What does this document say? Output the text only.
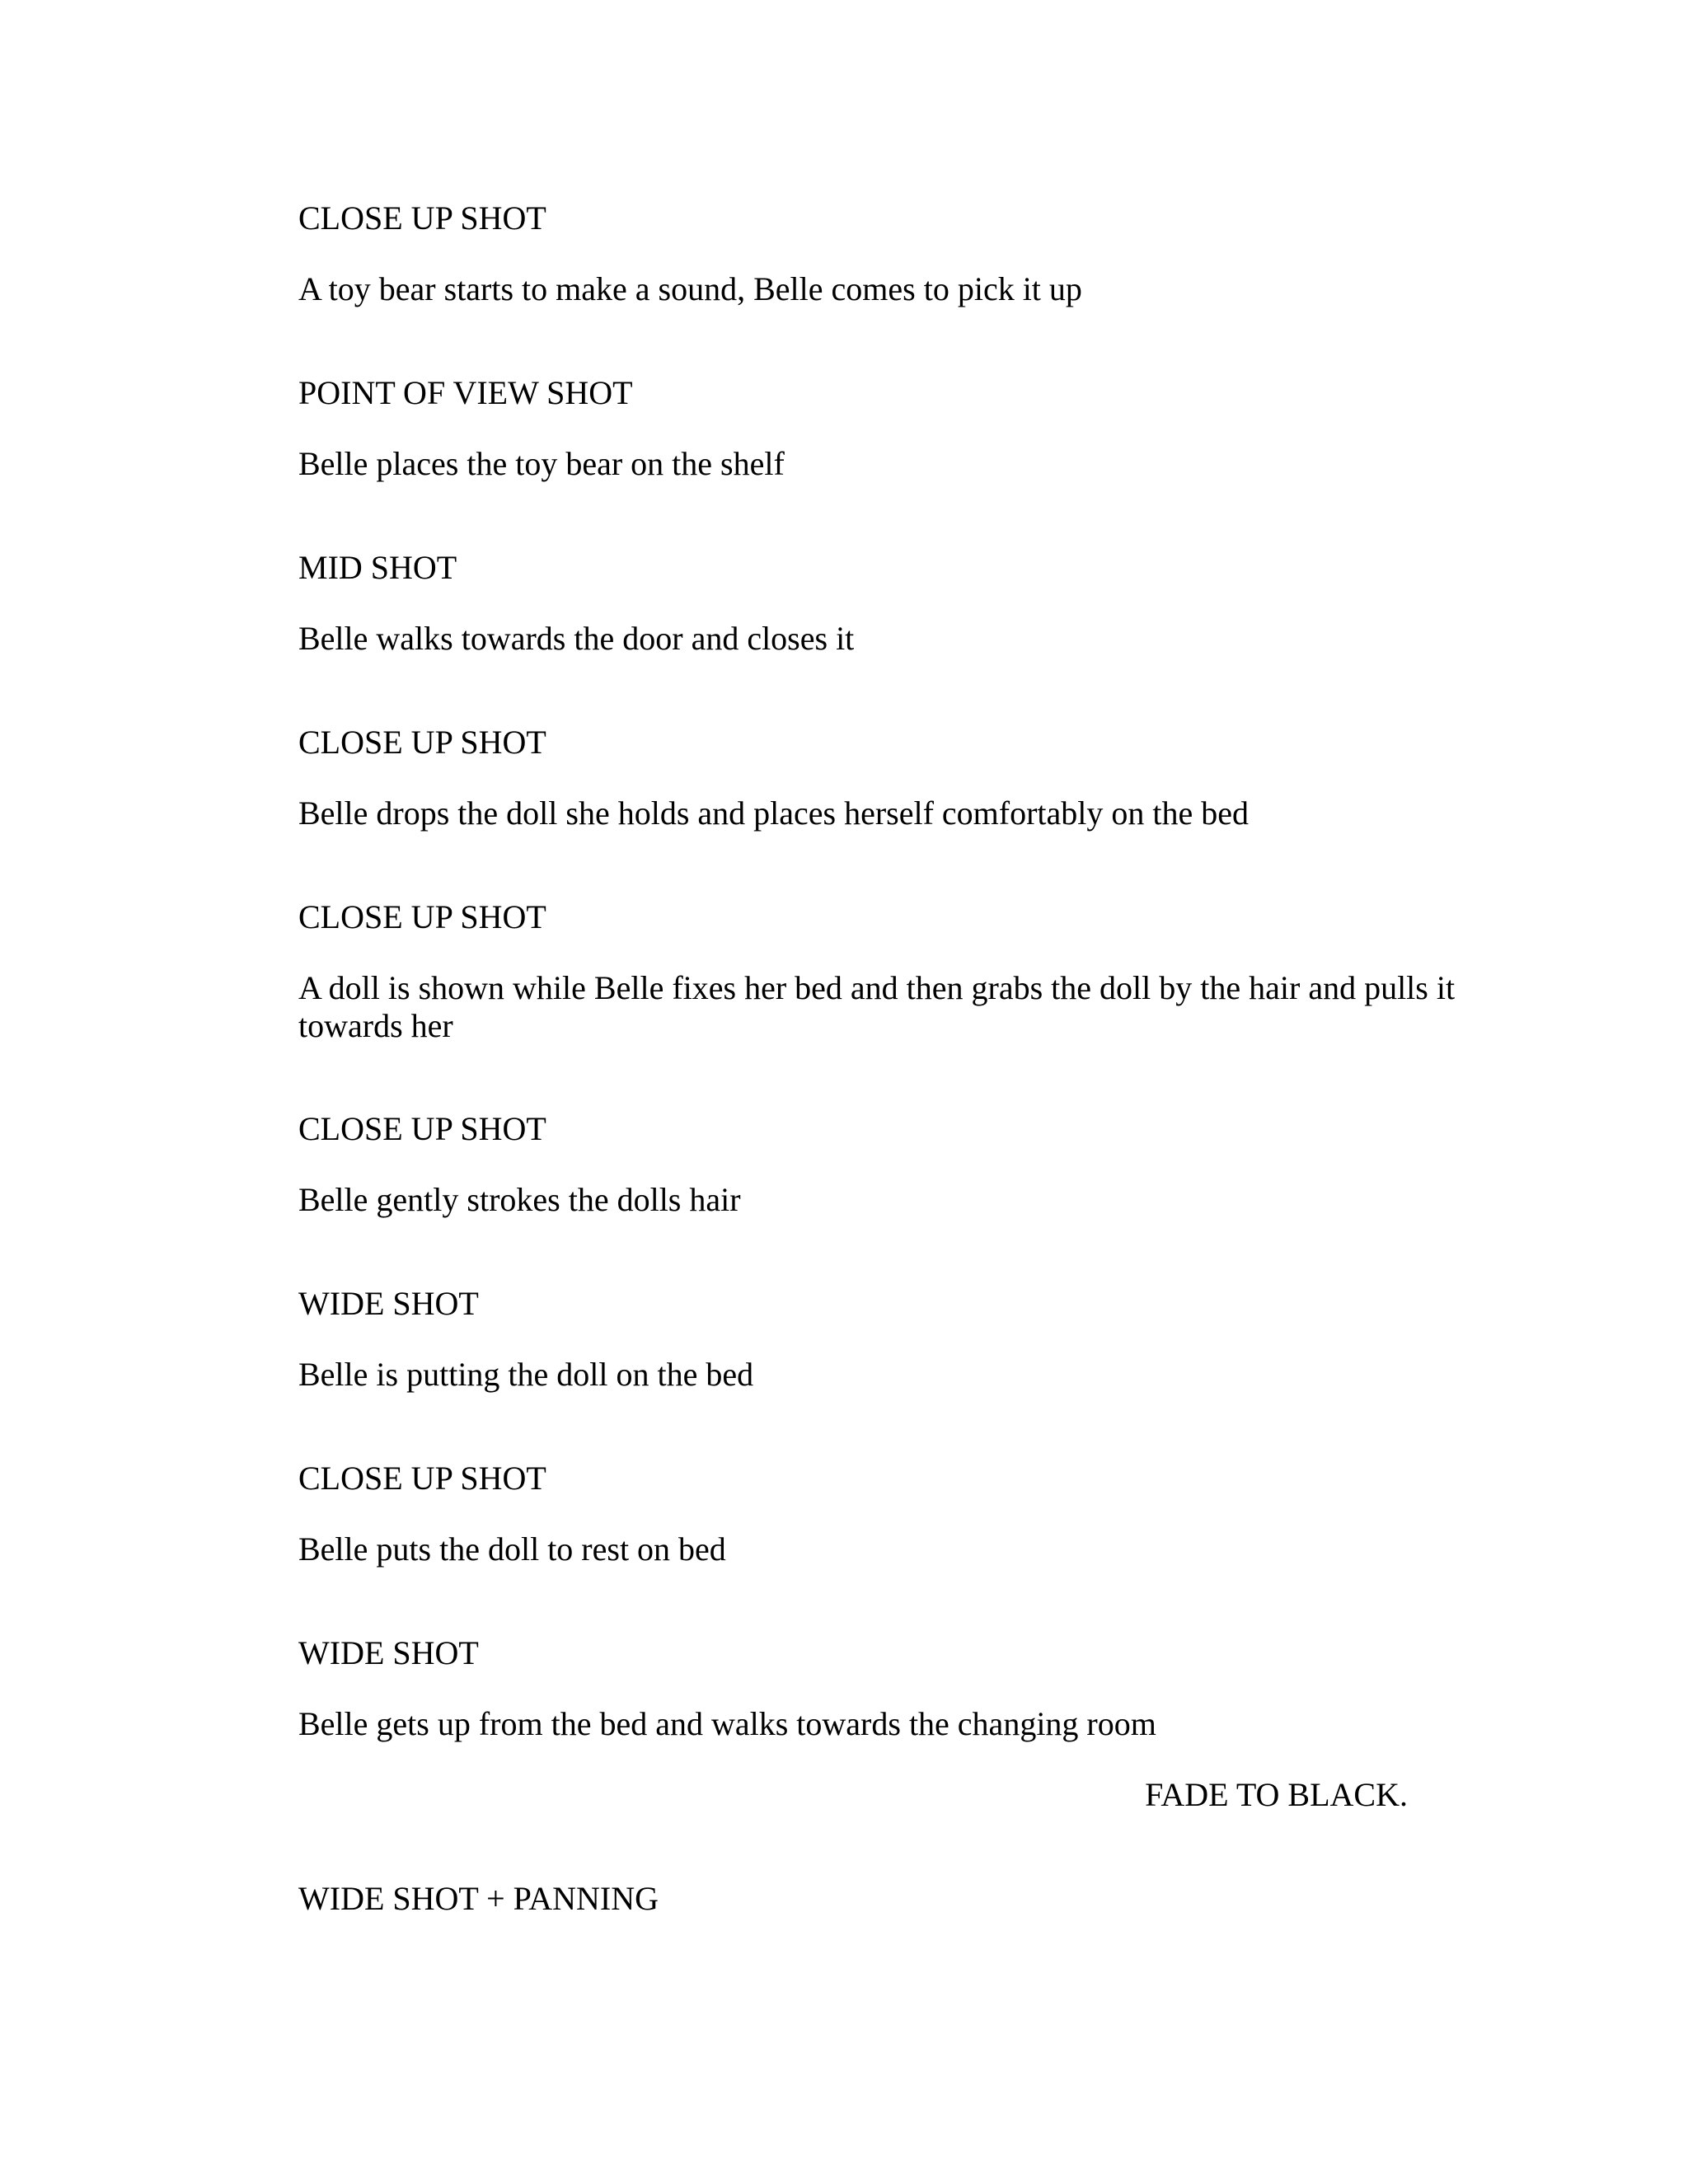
CLOSE UP SHOT

A toy bear starts to make a sound, Belle comes to pick it up

POINT OF VIEW SHOT

Belle places the toy bear on the shelf

MID SHOT

Belle walks towards the door and closes it

CLOSE UP SHOT

Belle drops the doll she holds and places herself comfortably on the bed

CLOSE UP SHOT

A doll is shown while Belle fixes her bed and then grabs the doll by the hair and pulls it towards her

CLOSE UP SHOT

Belle gently strokes the dolls hair

WIDE SHOT

Belle is putting the doll on the bed

CLOSE UP SHOT

Belle puts the doll to rest on bed

WIDE SHOT

Belle gets up from the bed and walks towards the changing room

FADE TO BLACK.

WIDE SHOT + PANNING
